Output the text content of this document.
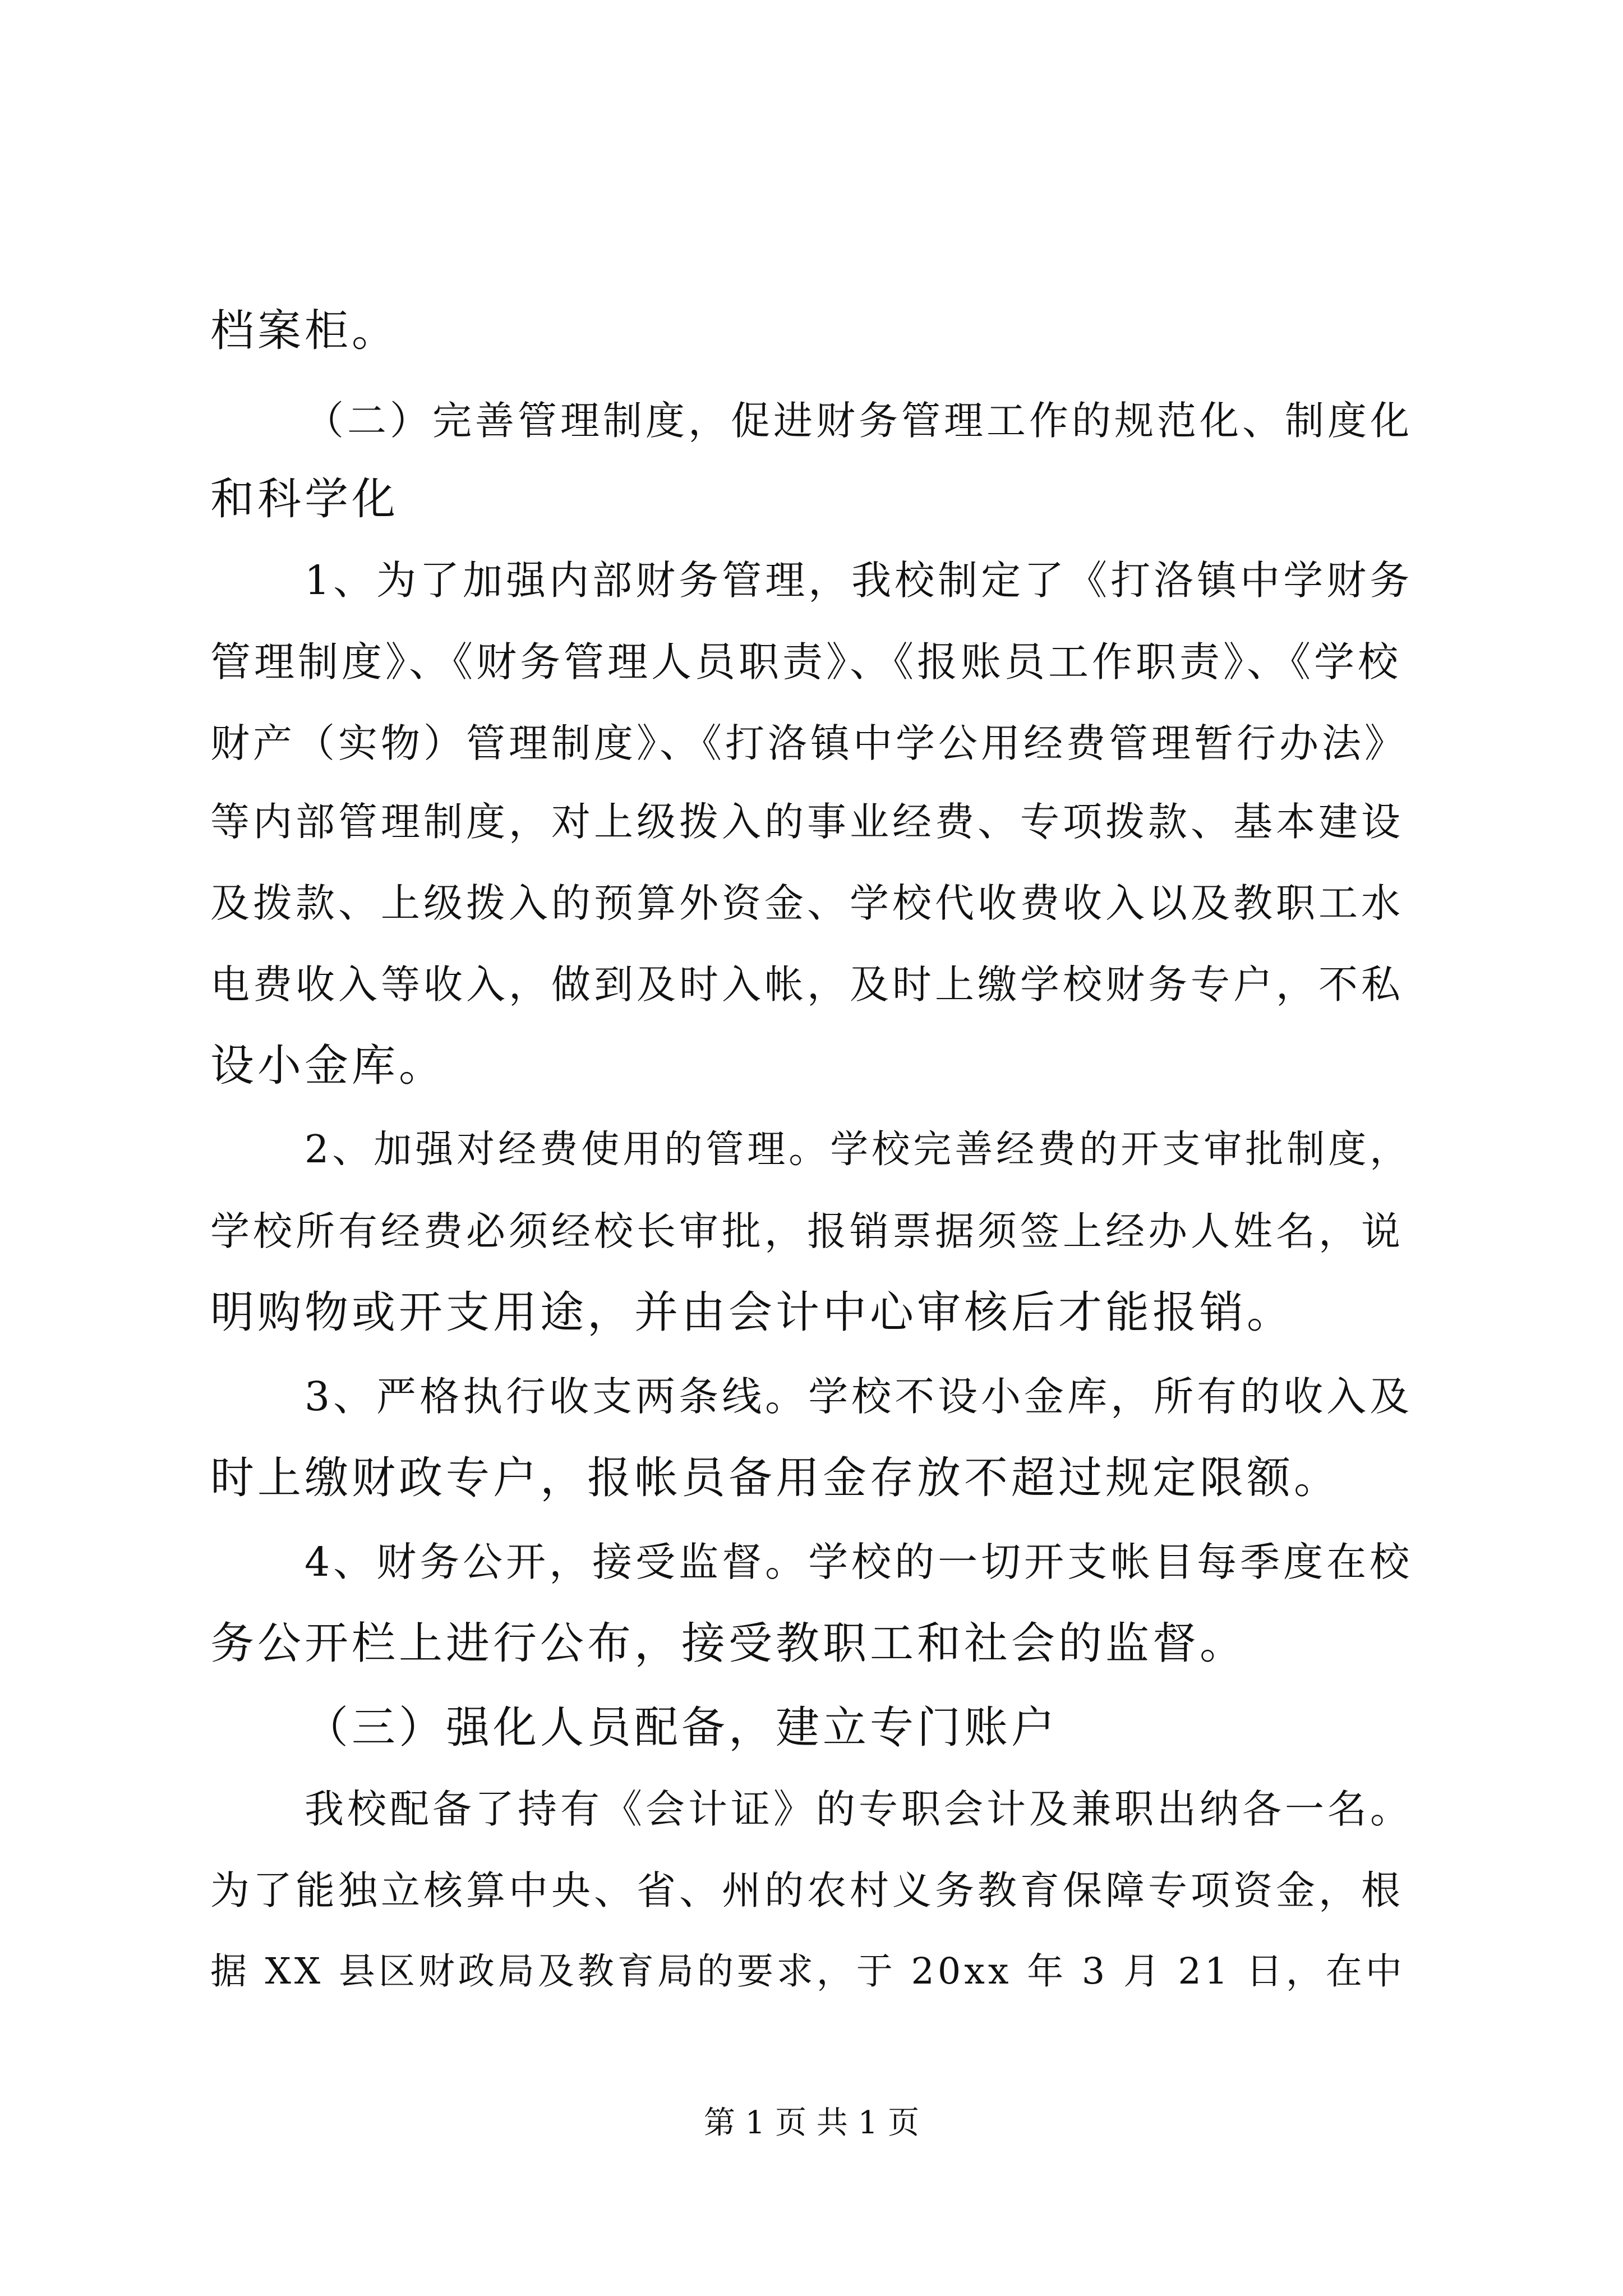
档案柜。
（二）完善管理制度，促进财务管理工作的规范化、制度化
和科学化
1、为了加强内部财务管理，我校制定了《打洛镇中学财务
管理制度》、《财务管理人员职责》、《报账员工作职责》、《学校
财产（实物）管理制度》、《打洛镇中学公用经费管理暂行办法》
等内部管理制度，对上级拨入的事业经费、专项拨款、基本建设
及拨款、上级拨入的预算外资金、学校代收费收入以及教职工水
电费收入等收入，做到及时入帐，及时上缴学校财务专户，不私
设小金库。
2、加强对经费使用的管理。学校完善经费的开支审批制度，
学校所有经费必须经校长审批，报销票据须签上经办人姓名，说
明购物或开支用途，并由会计中心审核后才能报销。
3、严格执行收支两条线。学校不设小金库，所有的收入及
时上缴财政专户，报帐员备用金存放不超过规定限额。
4、财务公开，接受监督。学校的一切开支帐目每季度在校
务公开栏上进行公布，接受教职工和社会的监督。
（三）强化人员配备，建立专门账户
我校配备了持有《会计证》的专职会计及兼职出纳各一名。
为了能独立核算中央、省、州的农村义务教育保障专项资金，根
据 XX 县区财政局及教育局的要求，于 20xx 年 3 月 21 日，在中
第 1 页 共 1 页
